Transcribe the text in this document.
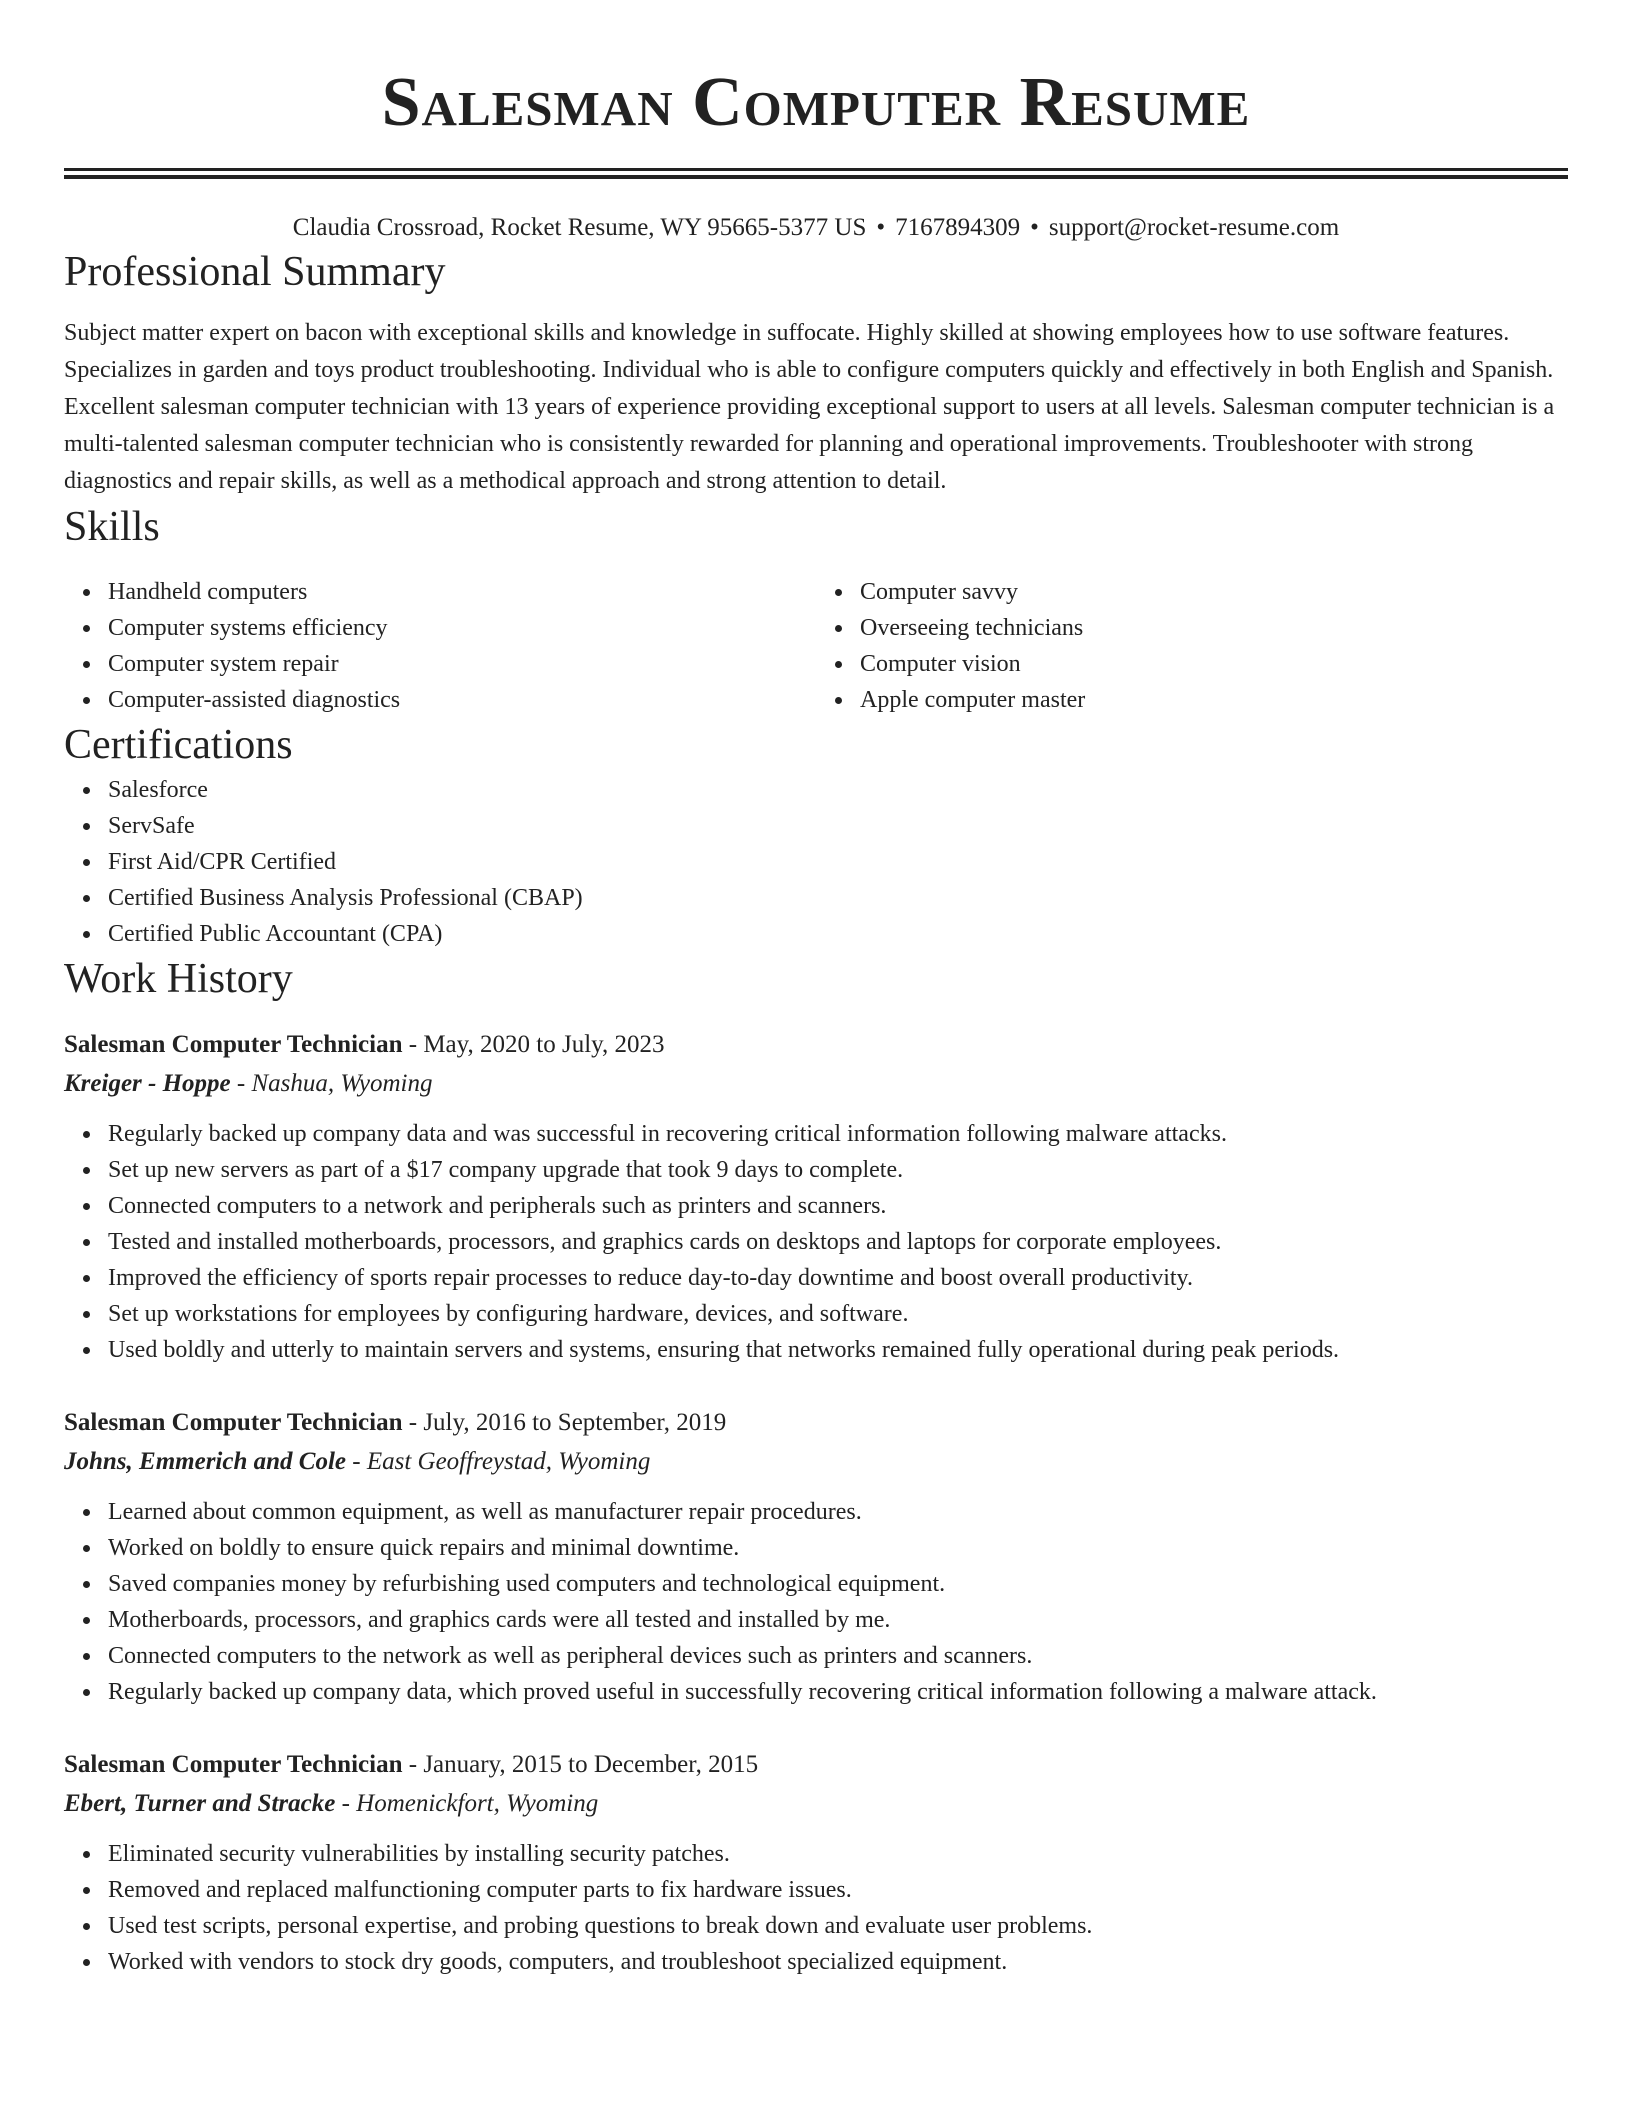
Salesman Computer Resume
Claudia Crossroad, Rocket Resume, WY 95665-5377 US • 7167894309 • support@rocket-resume.com
Professional Summary

Subject matter expert on bacon with exceptional skills and knowledge in suffocate. Highly skilled at showing employees how to use software features. Specializes in garden and toys product troubleshooting. Individual who is able to configure computers quickly and effectively in both English and Spanish. Excellent salesman computer technician with 13 years of experience providing exceptional support to users at all levels. Salesman computer technician is a multi-talented salesman computer technician who is consistently rewarded for planning and operational improvements. Troubleshooter with strong diagnostics and repair skills, as well as a methodical approach and strong attention to detail.

Skills
Handheld computers
Computer systems efficiency
Computer system repair
Computer-assisted diagnostics
Computer savvy
Overseeing technicians
Computer vision
Apple computer master
Certifications
Salesforce
ServSafe
First Aid/CPR Certified
Certified Business Analysis Professional (CBAP)
Certified Public Accountant (CPA)
Work History
Salesman Computer Technician - May, 2020 to July, 2023
Kreiger - Hoppe - Nashua, Wyoming
Regularly backed up company data and was successful in recovering critical information following malware attacks.
Set up new servers as part of a $17 company upgrade that took 9 days to complete.
Connected computers to a network and peripherals such as printers and scanners.
Tested and installed motherboards, processors, and graphics cards on desktops and laptops for corporate employees.
Improved the efficiency of sports repair processes to reduce day-to-day downtime and boost overall productivity.
Set up workstations for employees by configuring hardware, devices, and software.
Used boldly and utterly to maintain servers and systems, ensuring that networks remained fully operational during peak periods.
Salesman Computer Technician - July, 2016 to September, 2019
Johns, Emmerich and Cole - East Geoffreystad, Wyoming
Learned about common equipment, as well as manufacturer repair procedures.
Worked on boldly to ensure quick repairs and minimal downtime.
Saved companies money by refurbishing used computers and technological equipment.
Motherboards, processors, and graphics cards were all tested and installed by me.
Connected computers to the network as well as peripheral devices such as printers and scanners.
Regularly backed up company data, which proved useful in successfully recovering critical information following a malware attack.
Salesman Computer Technician - January, 2015 to December, 2015
Ebert, Turner and Stracke - Homenickfort, Wyoming
Eliminated security vulnerabilities by installing security patches.
Removed and replaced malfunctioning computer parts to fix hardware issues.
Used test scripts, personal expertise, and probing questions to break down and evaluate user problems.
Worked with vendors to stock dry goods, computers, and troubleshoot specialized equipment.
